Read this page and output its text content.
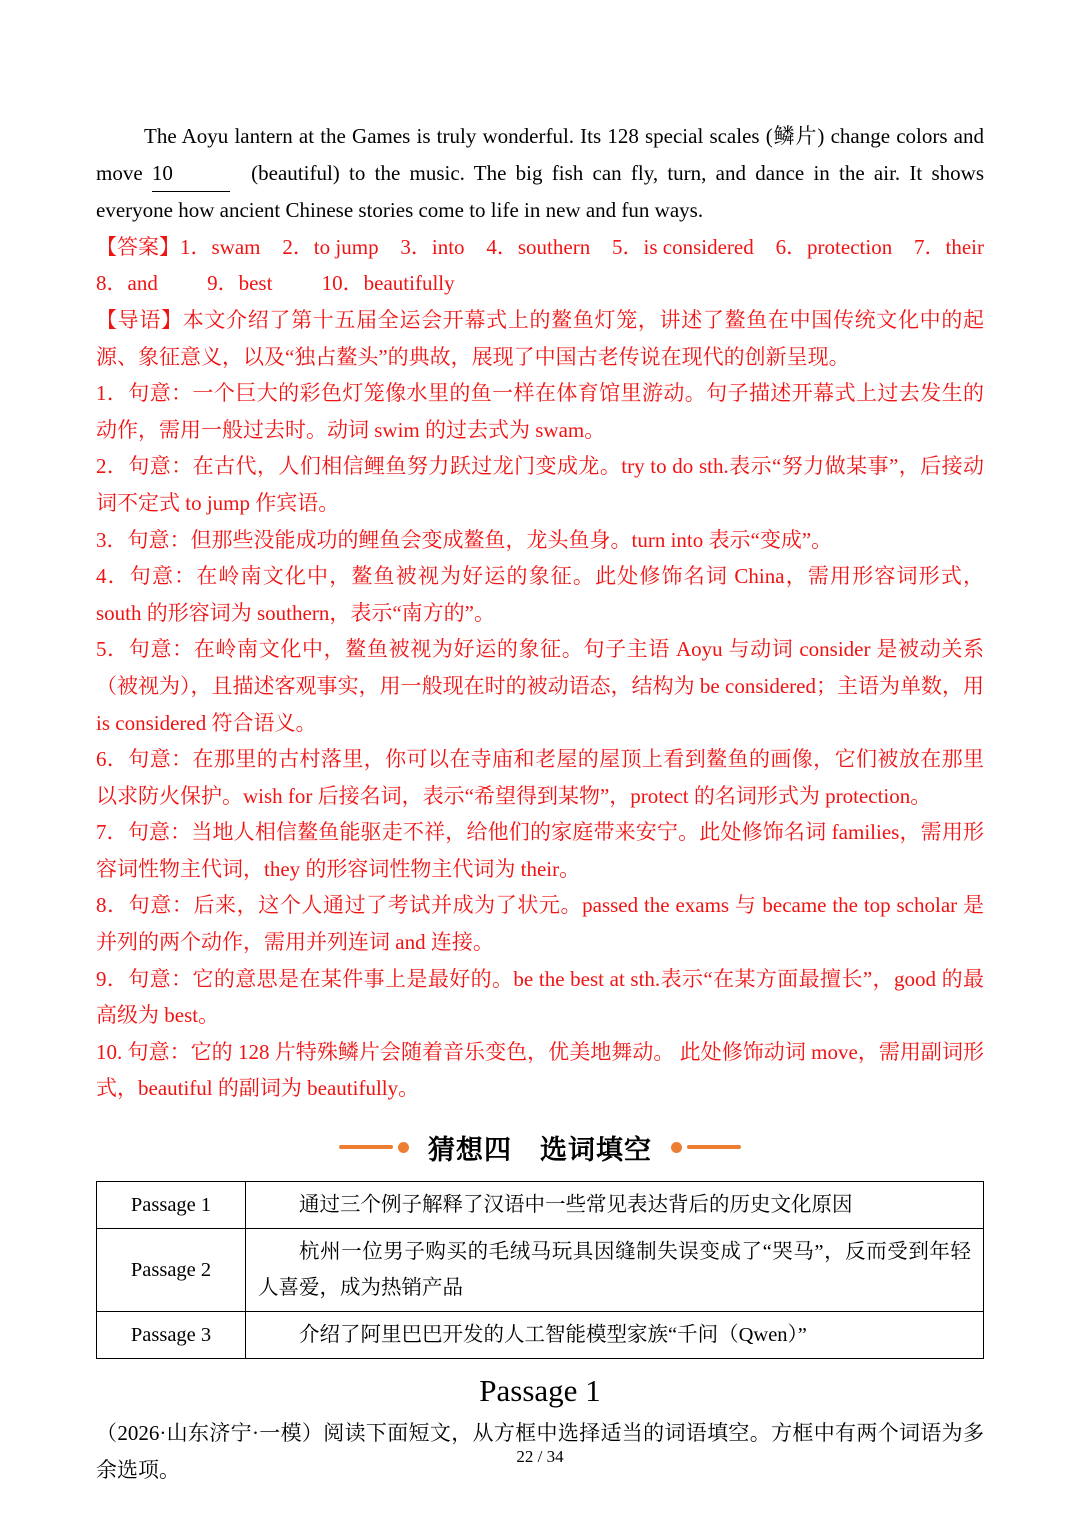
The Aoyu lantern at the Games is truly wonderful. Its 128 special scales (鳞片) change colors and move 10	(beautiful) to the music. The big fish can fly, turn, and dance in the air. It shows everyone how ancient Chinese stories come to life in new and fun ways.

【答案】1．swam 2．to jump 3．into 4．southern 5．is considered 6．protection 7．their

8．and 9．best 10．beautifully

【导语】本文介绍了第十五届全运会开幕式上的鳌鱼灯笼，讲述了鳌鱼在中国传统文化中的起源、象征意义，以及“独占鳌头”的典故，展现了中国古老传说在现代的创新呈现。

1．句意：一个巨大的彩色灯笼像水里的鱼一样在体育馆里游动。句子描述开幕式上过去发生的动作，需用一般过去时。动词 swim 的过去式为 swam。

2．句意：在古代，人们相信鲤鱼努力跃过龙门变成龙。try to do sth.表示“努力做某事”，后接动词不定式 to jump 作宾语。

3．句意：但那些没能成功的鲤鱼会变成鳌鱼，龙头鱼身。turn into 表示“变成”。

4．句意：在岭南文化中，鳌鱼被视为好运的象征。此处修饰名词 China，需用形容词形式，south 的形容词为 southern，表示“南方的”。

5．句意：在岭南文化中，鳌鱼被视为好运的象征。句子主语 Aoyu 与动词 consider 是被动关系（被视为），且描述客观事实，用一般现在时的被动语态，结构为 be considered；主语为单数，用 is considered 符合语义。

6．句意：在那里的古村落里，你可以在寺庙和老屋的屋顶上看到鳌鱼的画像，它们被放在那里以求防火保护。wish for 后接名词，表示“希望得到某物”，protect 的名词形式为 protection。

7．句意：当地人相信鳌鱼能驱走不祥，给他们的家庭带来安宁。此处修饰名词 families，需用形容词性物主代词，they 的形容词性物主代词为 their。

8．句意：后来，这个人通过了考试并成为了状元。passed the exams 与 became the top scholar 是并列的两个动作，需用并列连词 and 连接。

9．句意：它的意思是在某件事上是最好的。be the best at sth.表示“在某方面最擅长”，good 的最高级为 best。

10. 句意：它的 128 片特殊鳞片会随着音乐变色，优美地舞动。 此处修饰动词 move，需用副词形式，beautiful 的副词为 beautifully。

猜想四　选词填空
Passage 1	通过三个例子解释了汉语中一些常见表达背后的历史文化原因

Passage 2	杭州一位男子购买的毛绒马玩具因缝制失误变成了“哭马”，反而受到年轻人喜爱，成为热销产品

Passage 3	介绍了阿里巴巴开发的人工智能模型家族“千问（Qwen）”

Passage 1

（2026·山东济宁·一模）阅读下面短文，从方框中选择适当的词语填空。方框中有两个词语为多余选项。

22 / 34
